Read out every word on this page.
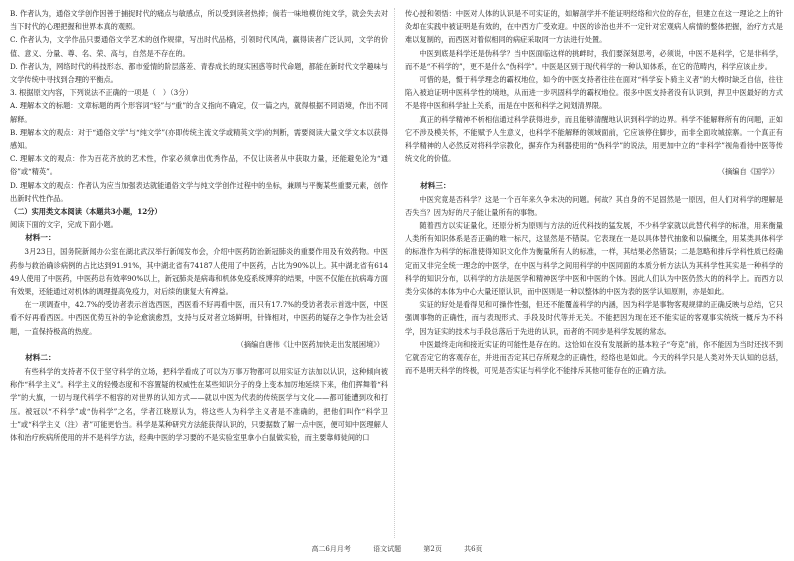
B. 作者认为，通俗文学创作因善于捕捉时代的痛点与敏感点，所以受到读者热捧；倘若一味地模仿纯文学，就会失去对当下时代的心理把握和世界本真的观照。

C. 作者认为，文学作品只要通俗文学艺术的创作规律，写出时代品格，引领时代风尚，赢得读者广泛认同，文学的价值、意义、分量、尊、名、荣、高与，自然是不存在的。

D. 作者认为，网络时代的科技形态、都市爱情的阶层落差、青春成长的现实困惑等时代命题，都能在新时代文学趣味与文学传统中寻找到合理的平衡点。

3. 根据原文内容，下列说法不正确的一项是（　）（3分）

A. 理解本文的标题：文章标题的两个形容词“轻”与“重”的含义指向不确定，仅一篇之内，就得根据不同语境，作出不同解释。

B. 理解本文的观点：对于“通俗文学”与“纯文学”(亦即传统主流文学或精英文学)的判断，需要阅读大量文学文本以获得感知。

C. 理解本文的观点：作为百花齐放的艺术性，作家必须拿出优秀作品，不仅让读者从中获取力量，还能避免沦为“通俗”或“精英”。

D. 理解本文的观点：作者认为应当加强表达就能通俗文学与纯文学创作过程中的坐标，兼顾与平衡某些重要元素，创作出新时代性作品。

（二）实用类文本阅读（本题共3小题，12分）

阅读下面的文字，完成下面小题。

材料一：

3月23日，国务院新闻办公室在湖北武汉举行新闻发布会，介绍中医药防治新冠肺炎的重要作用及有效药物。中医药参与救治确诊病例的占比达到91.91%，其中湖北省有74187人使用了中医药，占比为90%以上。其中湖北省有61449人使用了中医药，中医药总有效率90%以上，新冠肺炎是病毒和机体免疫系统博弈的结果，中医不仅能在抗病毒方面有效果，还能通过对机体的调理提高免疫力，对后续的康复大有裨益。

在一项调查中，42.7%的受访者表示首选西医，西医看不好再看中医，而只有17.7%的受访者表示首选中医，中医看不好再看西医。中西医优势互补的争论愈演愈烈，支持与反对者立场鲜明，针锋相对，中医药的疑存之争作为社会话题，一直保持极高的热度。

（摘编自唐伟《让中医药加快走出发展困境》）

材料二：

有些科学的支持者不仅于坚守科学的立场，把科学看成了可以为万事万物都可以用实证方法加以认识，这种倾向被称作“科学主义”。科学主义的轻慢态度和不容置疑的权威性在某些知识分子的身上变本加厉地延续下来，他们挥舞着“科学”的大旗，一切与现代科学不相容的对世界的认知方式——就以中医为代表的传统医学与文化——都可能遭到攻和打压。被冠以“不科学”或“伪科学”之名，学者江晓原认为，将这些人为科学主义者是不准确的，把他们叫作“科学卫士”或“科学主义（注）者”可能更恰当。科学是某种研究方法能获得认识的，只要据数了解一点中医，便可知中医理解人体和治疗疾病所使用的并不是科学方法，经典中医的学习要的不是实验室里拿小白鼠做实验，而主要靠师徒间的口

传心授和领悟：中医对人体的认识是不可实证的，如解剖学并不能证明经络和穴位的存在，但建立在这一理论之上的针灸却在实践中被证明是有效的，在中西方广受欢迎。中医的诊治也并不一定针对宏观病人病情的整体把握，治疗方式是难以复制的，而西医对着似相同的病症采取同一方法进行处置。

中医到底是科学还是伪科学？当中医面临这样的挑衅时，我们要深刻思考，必须说，中医不是科学，它是非科学，而不是“不科学的”，更不是什么“伪科学”。中医是区别于现代科学的一种认知体系，在它的范畴内，科学应该止步。

可惜的是，慑于科学理念的霸权地位，如今的中医支持者往往在面对“科学妄卜骑主义者”的大棒时缺乏自信，往往陷入被迫证明中医科学性的境地，从而进一步巩固科学的霸权地位。很多中医支持者没有认识到，捍卫中医最好的方式不是将中医和科学扯上关系，而是在中医和科学之间划清界限。

真正的科学精神不析相信通过科学获得进步，而且能够清醒地认识到科学的边界。科学不能解释所有的问题，正如它不涉及模关怀，不能赋予人生意义，也科学不能解释的领域面前，它应该停住脚步，而非全面攻城掠寨。一个真正有科学精神的人必然反对将科学宗教化，摒弃作为利器使用的“伪科学”的说法，用更加中立的“非科学”视角看待中医等传统文化的价值。

（摘编自《国学》）

材料三：

中医究竟是否科学？这是一个百年来久争未决的问题。何故？其自身的不足固然是一原因，但人们对科学的理解是否失当？因为好的尺子能让量所有的事物。

随着西方以实证量化，还原分析为原则与方法的近代科技的猛发展，不少科学家就以此替代科学的标准，用来衡量人类所有知识体系是否正确的唯一标尺，这显然是不错误。它表现在一是以具体替代抽象和以偏概全，用某类具体科学的标准作为科学的标准使得知识文化作为衡量所有人的标准，一样，其结果必然错误；二是忽略和排斥学科性质已经确定而又非完全统一理念的中医学，在中医与科学之间用科学的中医同面的本质分析方法认为其科学性其实是一种科学的科学的知识分布，以科学的方法是医学和精神医学中医和中医的个体。因此人们认为中医仍然大的的科学上。而西方以类分实体的本体为中心大量还原认识，而中医则是一种以整体的中医为表的医学认知原则，亦是如此。

实证的好处是看得见和可操作性强，但还不能覆盖科学的内涵，因为科学是事物客观规律的正确反映与总结，它只强调事物的正确性，而与表现形式、手段及时代等并无关。不能把因为现在还不能实证的客观事实统统一概斥为不科学，因为证实的技术与手段总落后于先进的认识，而者的不同步是科学发展的常态。

中医最终走向和接近实证的可能性是存在的。这恰如在没有发展新的基本粒子“夸克”前，你不能因为当时还找不到它就否定它的客观存在，并进而否定其已存所观念的正确性，经络也是如此。今天的科学只是人类对外天认知的总括，而不是明天科学的终极，可见是否实证与科学化不能排斥其他可能存在的正确方法。

高二6月月考	语文试题	第2页	共6页
